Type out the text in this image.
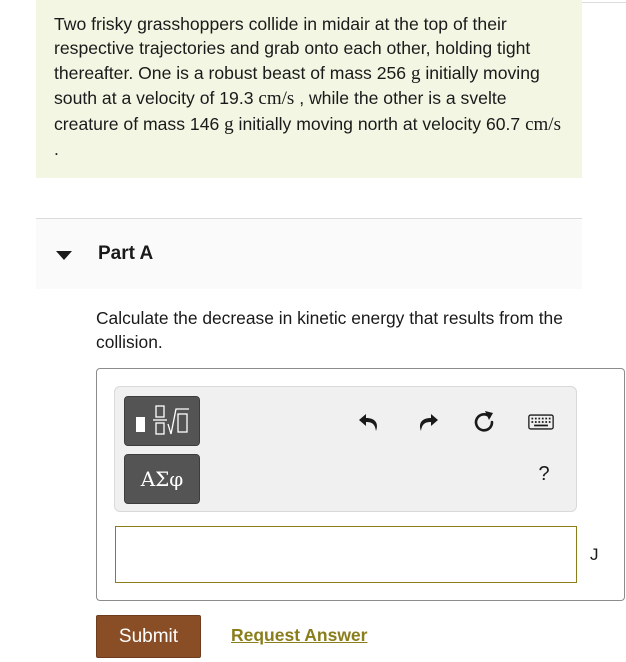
Two frisky grasshoppers collide in midair at the top of their respective trajectories and grab onto each other, holding tight thereafter. One is a robust beast of mass 256 g initially moving south at a velocity of 19.3 cm/s , while the other is a svelte creature of mass 146 g initially moving north at velocity 60.7 cm/s .
Part A
Calculate the decrease in kinetic energy that results from the collision.
ΑΣφ	?
J
Submit	Request Answer
